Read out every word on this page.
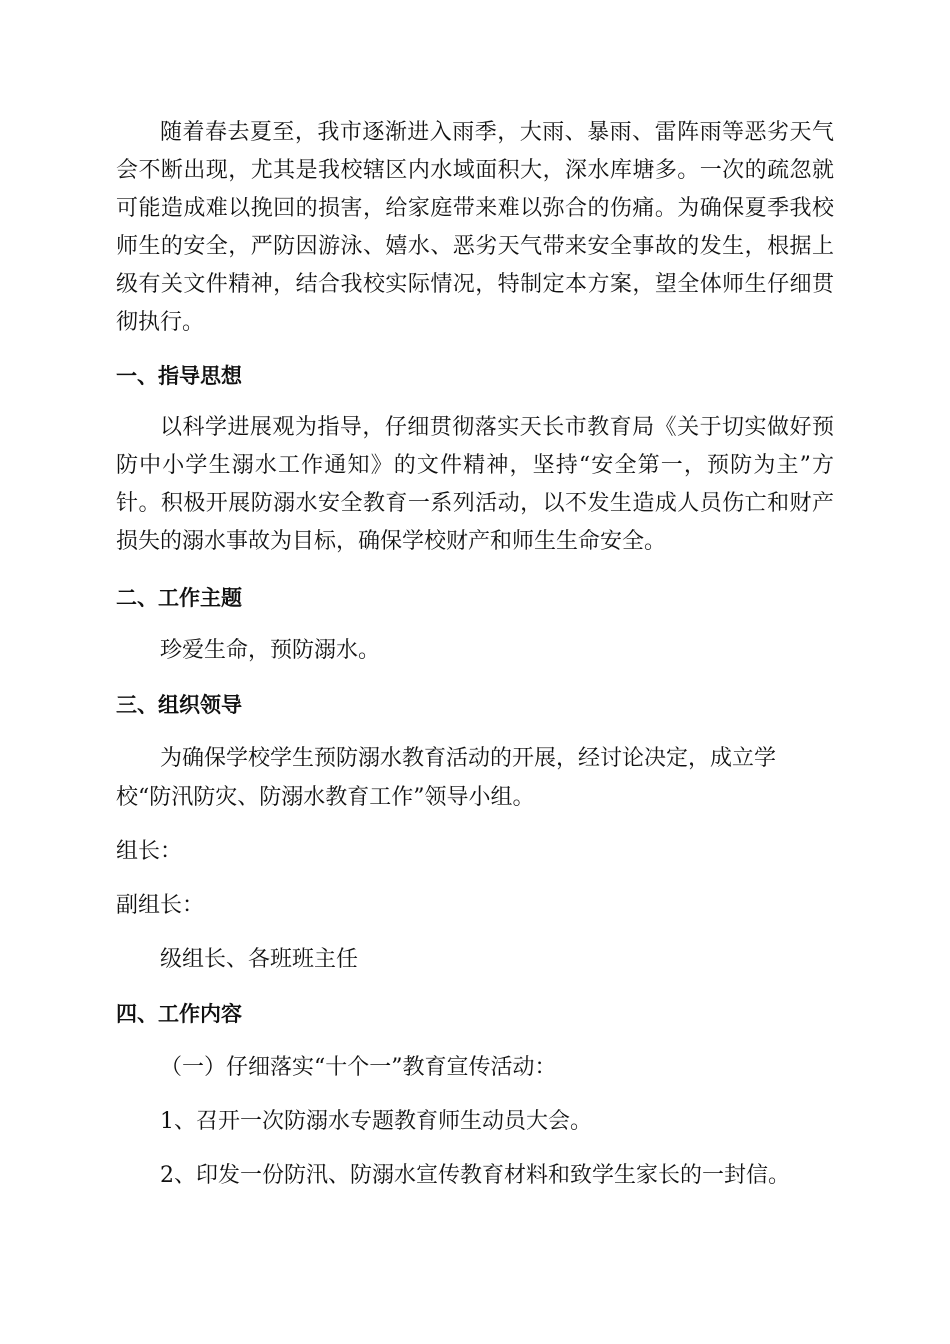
随着春去夏至，我市逐渐进入雨季，大雨、暴雨、雷阵雨等恶劣天气会不断出现，尤其是我校辖区内水域面积大，深水库塘多。一次的疏忽就可能造成难以挽回的损害，给家庭带来难以弥合的伤痛。为确保夏季我校师生的安全，严防因游泳、嬉水、恶劣天气带来安全事故的发生，根据上级有关文件精神，结合我校实际情况，特制定本方案，望全体师生仔细贯彻执行。

一、指导思想

以科学进展观为指导，仔细贯彻落实天长市教育局《关于切实做好预防中小学生溺水工作通知》的文件精神，坚持“安全第一，预防为主”方针。积极开展防溺水安全教育一系列活动，以不发生造成人员伤亡和财产损失的溺水事故为目标，确保学校财产和师生生命安全。

二、工作主题

珍爱生命，预防溺水。

三、组织领导

为确保学校学生预防溺水教育活动的开展，经讨论决定，成立学

校“防汛防灾、防溺水教育工作”领导小组。

组长：

副组长：

级组长、各班班主任

四、工作内容

（一）仔细落实“十个一”教育宣传活动：

1、召开一次防溺水专题教育师生动员大会。

2、印发一份防汛、防溺水宣传教育材料和致学生家长的一封信。
